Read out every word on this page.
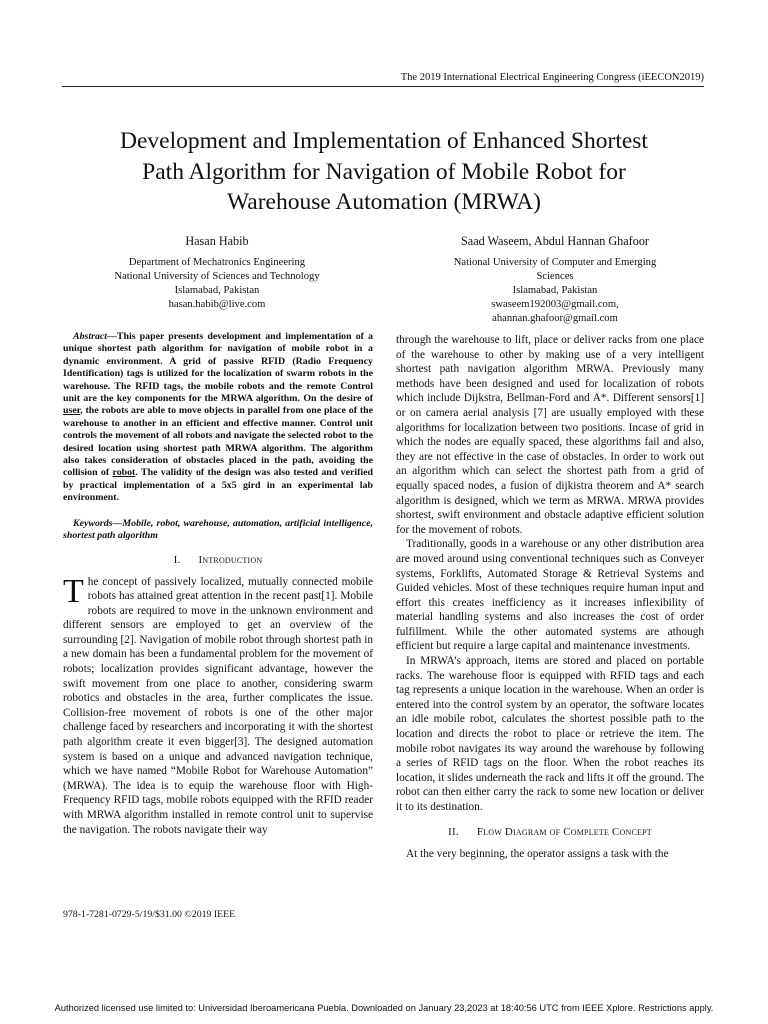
The 2019 International Electrical Engineering Congress (iEECON2019)
Development and Implementation of Enhanced Shortest
Path Algorithm for Navigation of Mobile Robot for
Warehouse Automation (MRWA)
Hasan Habib
Department of Mechatronics Engineering
National University of Sciences and Technology
Islamabad, Pakistan
hasan.habib@live.com
Saad Waseem, Abdul Hannan Ghafoor
National University of Computer and Emerging
Sciences
Islamabad, Pakistan
swaseem192003@gmail.com,
ahannan.ghafoor@gmail.com

Abstract—This paper presents development and implementation of a unique shortest path algorithm for navigation of mobile robot in a dynamic environment. A grid of passive RFID (Radio Frequency Identification) tags is utilized for the localization of swarm robots in the warehouse. The RFID tags, the mobile robots and the remote Control unit are the key components for the MRWA algorithm. On the desire of user, the robots are able to move objects in parallel from one place of the warehouse to another in an efficient and effective manner. Control unit controls the movement of all robots and navigate the selected robot to the desired location using shortest path MRWA algorithm. The algorithm also takes consideration of obstacles placed in the path, avoiding the collision of robot. The validity of the design was also tested and verified by practical implementation of a 5x5 gird in an experimental lab environment.

Keywords—Mobile, robot, warehouse, automation, artificial intelligence, shortest path algorithm

I. Introduction

The concept of passively localized, mutually connected mobile robots has attained great attention in the recent past[1]. Mobile robots are required to move in the unknown environment and different sensors are employed to get an overview of the surrounding [2]. Navigation of mobile robot through shortest path in a new domain has been a fundamental problem for the movement of robots; localization provides significant advantage, however the swift movement from one place to another, considering swarm robotics and obstacles in the area, further complicates the issue. Collision-free movement of robots is one of the other major challenge faced by researchers and incorporating it with the shortest path algorithm create it even bigger[3]. The designed automation system is based on a unique and advanced navigation technique, which we have named “Mobile Robot for Warehouse Automation” (MRWA). The idea is to equip the warehouse floor with High-Frequency RFID tags, mobile robots equipped with the RFID reader with MRWA algorithm installed in remote control unit to supervise the navigation. The robots navigate their way

through the warehouse to lift, place or deliver racks from one place of the warehouse to other by making use of a very intelligent shortest path navigation algorithm MRWA. Previously many methods have been designed and used for localization of robots which include Dijkstra, Bellman-Ford and A*. Different sensors[1] or on camera aerial analysis [7] are usually employed with these algorithms for localization between two positions. Incase of grid in which the nodes are equally spaced, these algorithms fail and also, they are not effective in the case of obstacles. In order to work out an algorithm which can select the shortest path from a grid of equally spaced nodes, a fusion of dijkistra theorem and A* search algorithm is designed, which we term as MRWA. MRWA provides shortest, swift environment and obstacle adaptive efficient solution for the movement of robots.

Traditionally, goods in a warehouse or any other distribution area are moved around using conventional techniques such as Conveyer systems, Forklifts, Automated Storage & Retrieval Systems and Guided vehicles. Most of these techniques require human input and effort this creates inefficiency as it increases inflexibility of material handling systems and also increases the cost of order fulfillment. While the other automated systems are athough efficient but require a large capital and maintenance investments.

In MRWA’s approach, items are stored and placed on portable racks. The warehouse floor is equipped with RFID tags and each tag represents a unique location in the warehouse. When an order is entered into the control system by an operator, the software locates an idle mobile robot, calculates the shortest possible path to the location and directs the robot to place or retrieve the item. The mobile robot navigates its way around the warehouse by following a series of RFID tags on the floor. When the robot reaches its location, it slides underneath the rack and lifts it off the ground. The robot can then either carry the rack to some new location or deliver it to its destination.

II. Flow Diagram of Complete Concept

At the very beginning, the operator assigns a task with the

978-1-7281-0729-5/19/$31.00 ©2019 IEEE
Authorized licensed use limited to: Universidad Iberoamericana Puebla. Downloaded on January 23,2023 at 18:40:56 UTC from IEEE Xplore. Restrictions apply.
